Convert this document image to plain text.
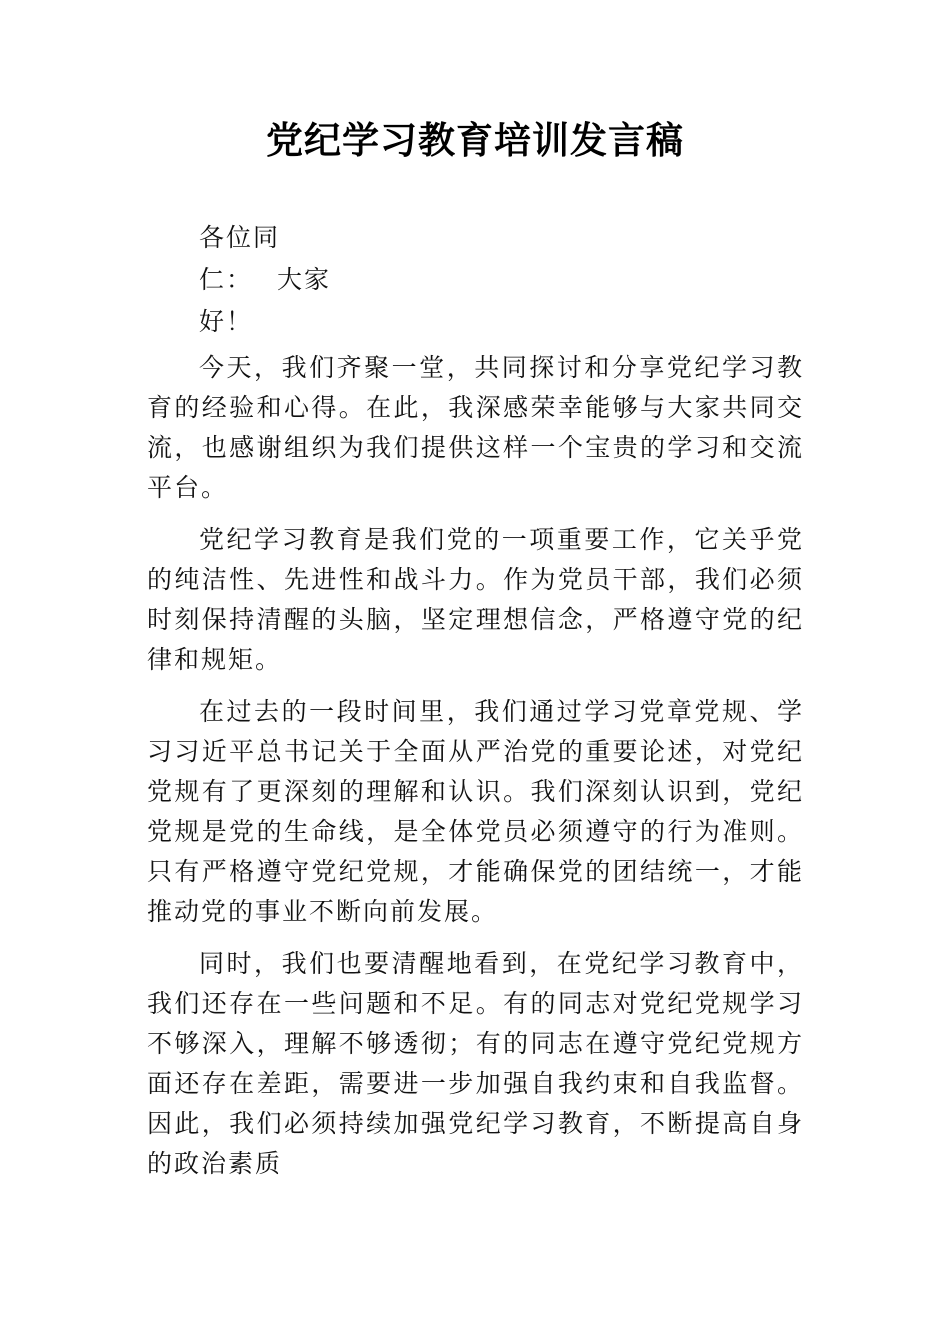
党纪学习教育培训发言稿
各位同
仁： 大家
好！

今天，我们齐聚一堂，共同探讨和分享党纪学习教育的经验和心得。在此，我深感荣幸能够与大家共同交流，也感谢组织为我们提供这样一个宝贵的学习和交流平台。

党纪学习教育是我们党的一项重要工作，它关乎党的纯洁性、先进性和战斗力。作为党员干部，我们必须时刻保持清醒的头脑，坚定理想信念，严格遵守党的纪律和规矩。

在过去的一段时间里，我们通过学习党章党规、学习习近平总书记关于全面从严治党的重要论述，对党纪党规有了更深刻的理解和认识。我们深刻认识到，党纪党规是党的生命线，是全体党员必须遵守的行为准则。只有严格遵守党纪党规，才能确保党的团结统一，才能推动党的事业不断向前发展。

同时，我们也要清醒地看到，在党纪学习教育中，我们还存在一些问题和不足。有的同志对党纪党规学习不够深入，理解不够透彻；有的同志在遵守党纪党规方面还存在差距，需要进一步加强自我约束和自我监督。因此，我们必须持续加强党纪学习教育，不断提高自身的政治素质
